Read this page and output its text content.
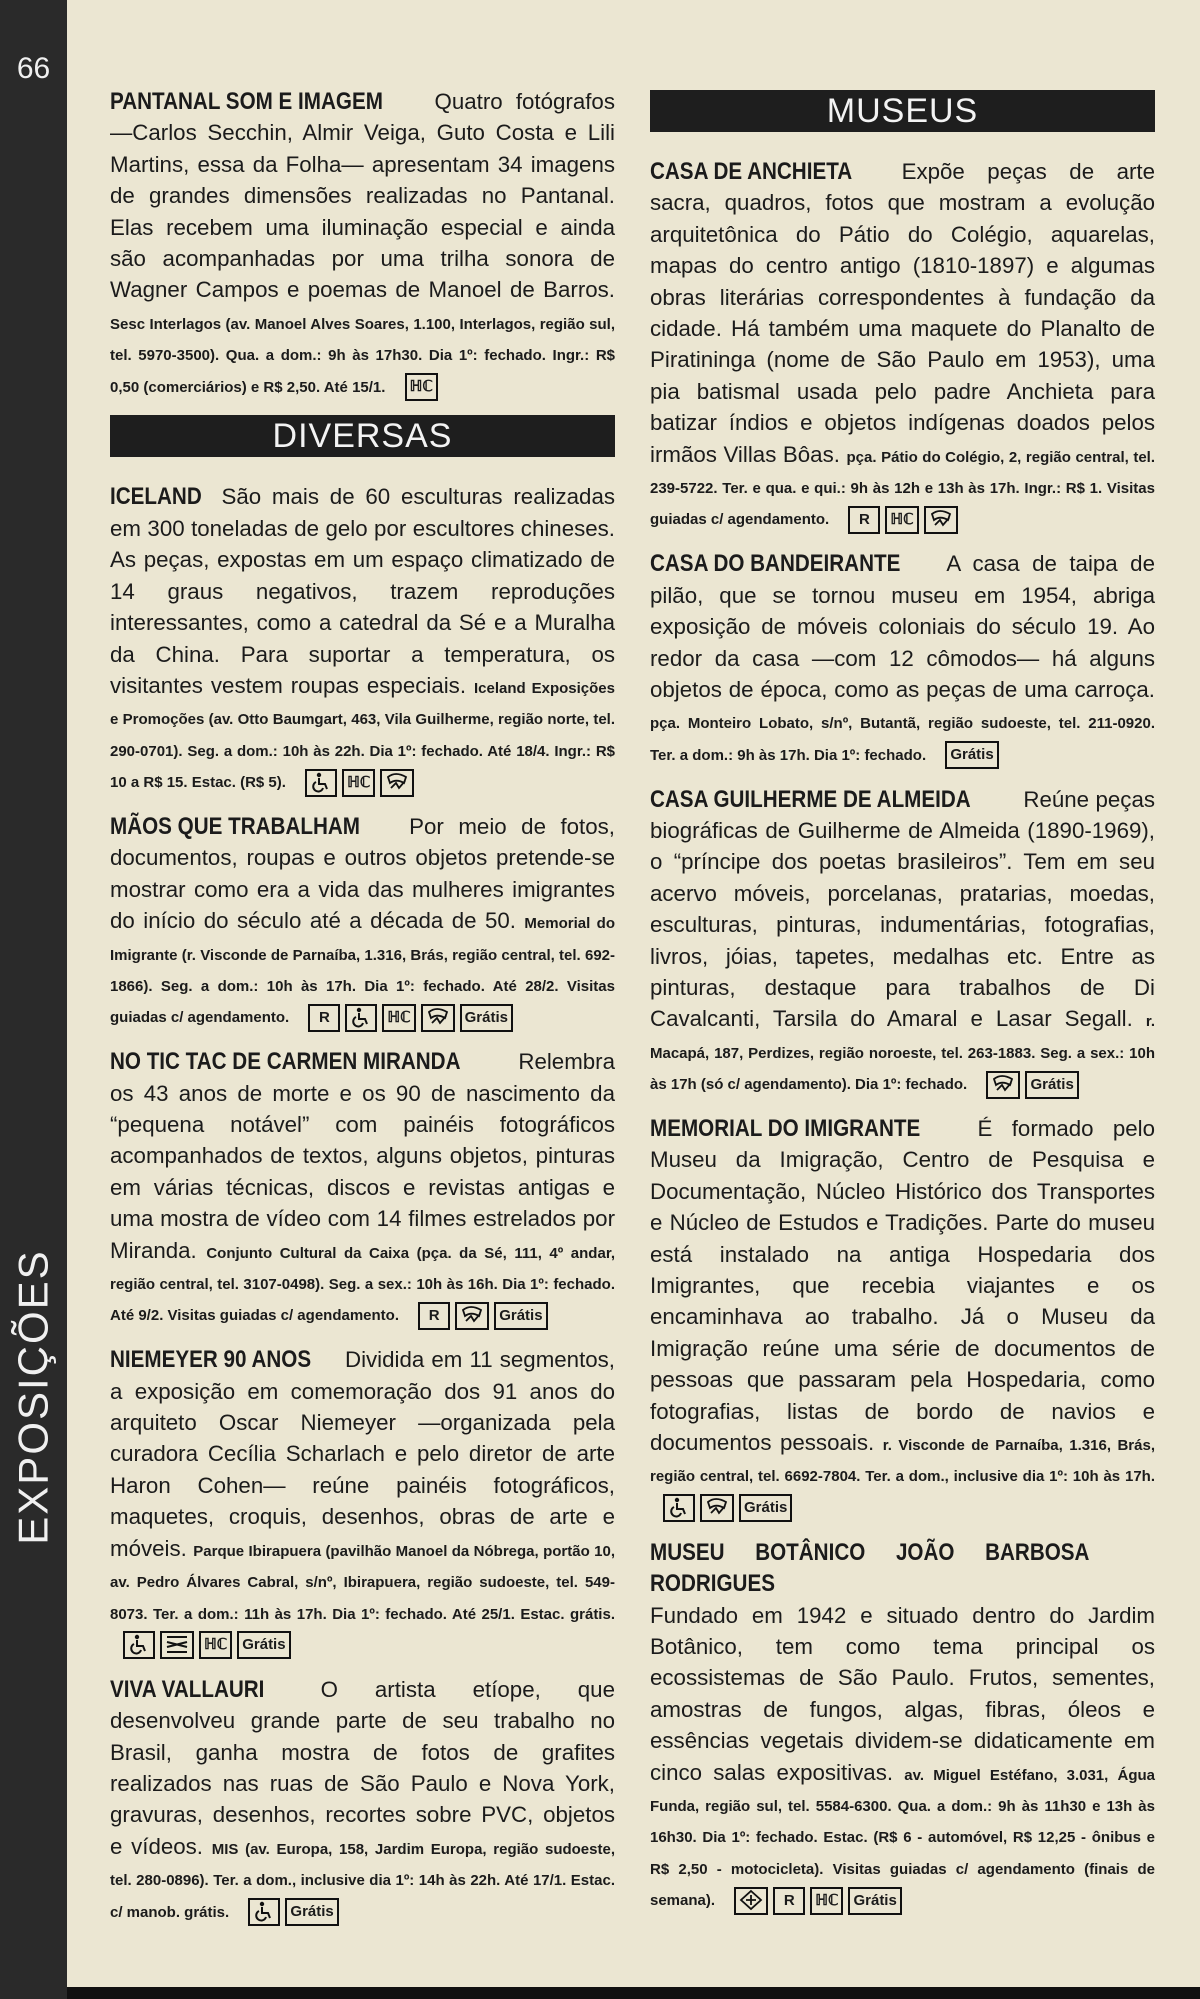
66
EXPOSIÇÕES
PANTANAL SOM E IMAGEM Quatro fotógrafos —Carlos Secchin, Almir Veiga, Guto Costa e Lili Martins, essa da Folha— apresentam 34 imagens de grandes dimensões realizadas no Pantanal. Elas recebem uma iluminação especial e ainda são acompanhadas por uma trilha sonora de Wagner Campos e poemas de Manoel de Barros. Sesc Interlagos (av. Manoel Alves Soares, 1.100, Interlagos, região sul, tel. 5970-3500). Qua. a dom.: 9h às 17h30. Dia 1º: fechado. Ingr.: R$ 0,50 (comerciários) e R$ 2,50. Até 15/1. ℍℂ
DIVERSAS
ICELAND São mais de 60 esculturas realizadas em 300 toneladas de gelo por escultores chineses. As peças, expostas em um espaço climatizado de 14 graus negativos, trazem reproduções interessantes, como a catedral da Sé e a Muralha da China. Para suportar a temperatura, os visitantes vestem roupas especiais. Iceland Exposições e Promoções (av. Otto Baumgart, 463, Vila Guilherme, região norte, tel. 290-0701). Seg. a dom.: 10h às 22h. Dia 1º: fechado. Até 18/4. Ingr.: R$ 10 a R$ 15. Estac. (R$ 5).	ℍℂ
MÃOS QUE TRABALHAM Por meio de fotos, documentos, roupas e outros objetos pretende-se mostrar como era a vida das mulheres imigrantes do início do século até a década de 50. Memorial do Imigrante (r. Visconde de Parnaíba, 1.316, Brás, região central, tel. 692-1866). Seg. a dom.: 10h às 17h. Dia 1º: fechado. Até 28/2. Visitas guiadas c/ agendamento. R	ℍℂ	Grátis
NO TIC TAC DE CARMEN MIRANDA	Relembra os 43 anos de morte e os 90 de nascimento da “pequena notável” com painéis fotográficos acompanhados de textos, alguns objetos, pinturas em várias técnicas, discos e revistas antigas e uma mostra de vídeo com 14 filmes estrelados por Miranda. Conjunto Cultural da Caixa (pça. da Sé, 111, 4º andar, região central, tel. 3107-0498). Seg. a sex.: 10h às 16h. Dia 1º: fechado. Até 9/2. Visitas guiadas c/ agendamento. R	Grátis
NIEMEYER 90 ANOS Dividida em 11 segmentos, a exposição em comemoração dos 91 anos do arquiteto Oscar Niemeyer —organizada pela curadora Cecília Scharlach e pelo diretor de arte Haron Cohen— reúne painéis fotográficos, maquetes, croquis, desenhos, obras de arte e móveis. Parque Ibirapuera (pavilhão Manoel da Nóbrega, portão 10, av. Pedro Álvares Cabral, s/nº, Ibirapuera, região sudoeste, tel. 549-8073. Ter. a dom.: 11h às 17h. Dia 1º: fechado. Até 25/1. Estac. grátis.
ℍℂ Grátis
VIVA VALLAURI	O artista etíope, que desenvolveu grande parte de seu trabalho no Brasil, ganha mostra de fotos de grafites realizados nas ruas de São Paulo e Nova York, gravuras, desenhos, recortes sobre PVC, objetos e vídeos. MIS (av. Europa, 158, Jardim Europa, região sudoeste, tel. 280-0896). Ter. a dom., inclusive dia 1º: 14h às 22h. Até 17/1. Estac. c/ manob. grátis.	Grátis
MUSEUS
CASA DE ANCHIETA Expõe peças de arte sacra, quadros, fotos que mostram a evolução arquitetônica do Pátio do Colégio, aquarelas, mapas do centro antigo (1810-1897) e algumas obras literárias correspondentes à fundação da cidade. Há também uma maquete do Planalto de Piratininga (nome de São Paulo em 1953), uma pia batismal usada pelo padre Anchieta para batizar índios e objetos indígenas doados pelos irmãos Villas Bôas. pça. Pátio do Colégio, 2, região central, tel. 239-5722. Ter. e qua. e qui.: 9h às 12h e 13h às 17h. Ingr.: R$ 1. Visitas guiadas c/ agendamento. R ℍℂ
CASA DO BANDEIRANTE A casa de taipa de pilão, que se tornou museu em 1954, abriga exposição de móveis coloniais do século 19. Ao redor da casa —com 12 cômodos— há alguns objetos de época, como as peças de uma carroça. pça. Monteiro Lobato, s/nº, Butantã, região sudoeste, tel. 211-0920. Ter. a dom.: 9h às 17h. Dia 1º: fechado. Grátis
CASA GUILHERME DE ALMEIDA Reúne peças biográficas de Guilherme de Almeida (1890-1969), o “príncipe dos poetas brasileiros”. Tem em seu acervo móveis, porcelanas, pratarias, moedas, esculturas, pinturas, indumentárias, fotografias, livros, jóias, tapetes, medalhas etc. Entre as pinturas, destaque para trabalhos de Di Cavalcanti, Tarsila do Amaral e Lasar Segall. r. Macapá, 187, Perdizes, região noroeste, tel. 263-1883. Seg. a sex.: 10h às 17h (só c/ agendamento). Dia 1º: fechado.	Grátis
MEMORIAL DO IMIGRANTE	É formado pelo Museu da Imigração, Centro de Pesquisa e Documentação, Núcleo Histórico dos Transportes e Núcleo de Estudos e Tradições. Parte do museu está instalado na antiga Hospedaria dos Imigrantes, que recebia viajantes e os encaminhava ao trabalho. Já o Museu da Imigração reúne uma série de documentos de pessoas que passaram pela Hospedaria, como fotografias, listas de bordo de navios e documentos pessoais. r. Visconde de Parnaíba, 1.316, Brás, região central, tel. 6692-7804. Ter. a dom., inclusive dia 1º: 10h às 17h.
Grátis
MUSEU BOTÂNICO JOÃO BARBOSA RODRIGUES Fundado em 1942 e situado dentro do Jardim Botânico, tem como tema principal os ecossistemas de São Paulo. Frutos, sementes, amostras de fungos, algas, fibras, óleos e essências vegetais dividem-se didaticamente em cinco salas expositivas. av. Miguel Estéfano, 3.031, Água Funda, região sul, tel. 5584-6300. Qua. a dom.: 9h às 11h30 e 13h às 16h30. Dia 1º: fechado. Estac. (R$ 6 - automóvel, R$ 12,25 - ônibus e R$ 2,50 - motocicleta). Visitas guiadas c/ agendamento (finais de semana).	R ℍℂ Grátis
